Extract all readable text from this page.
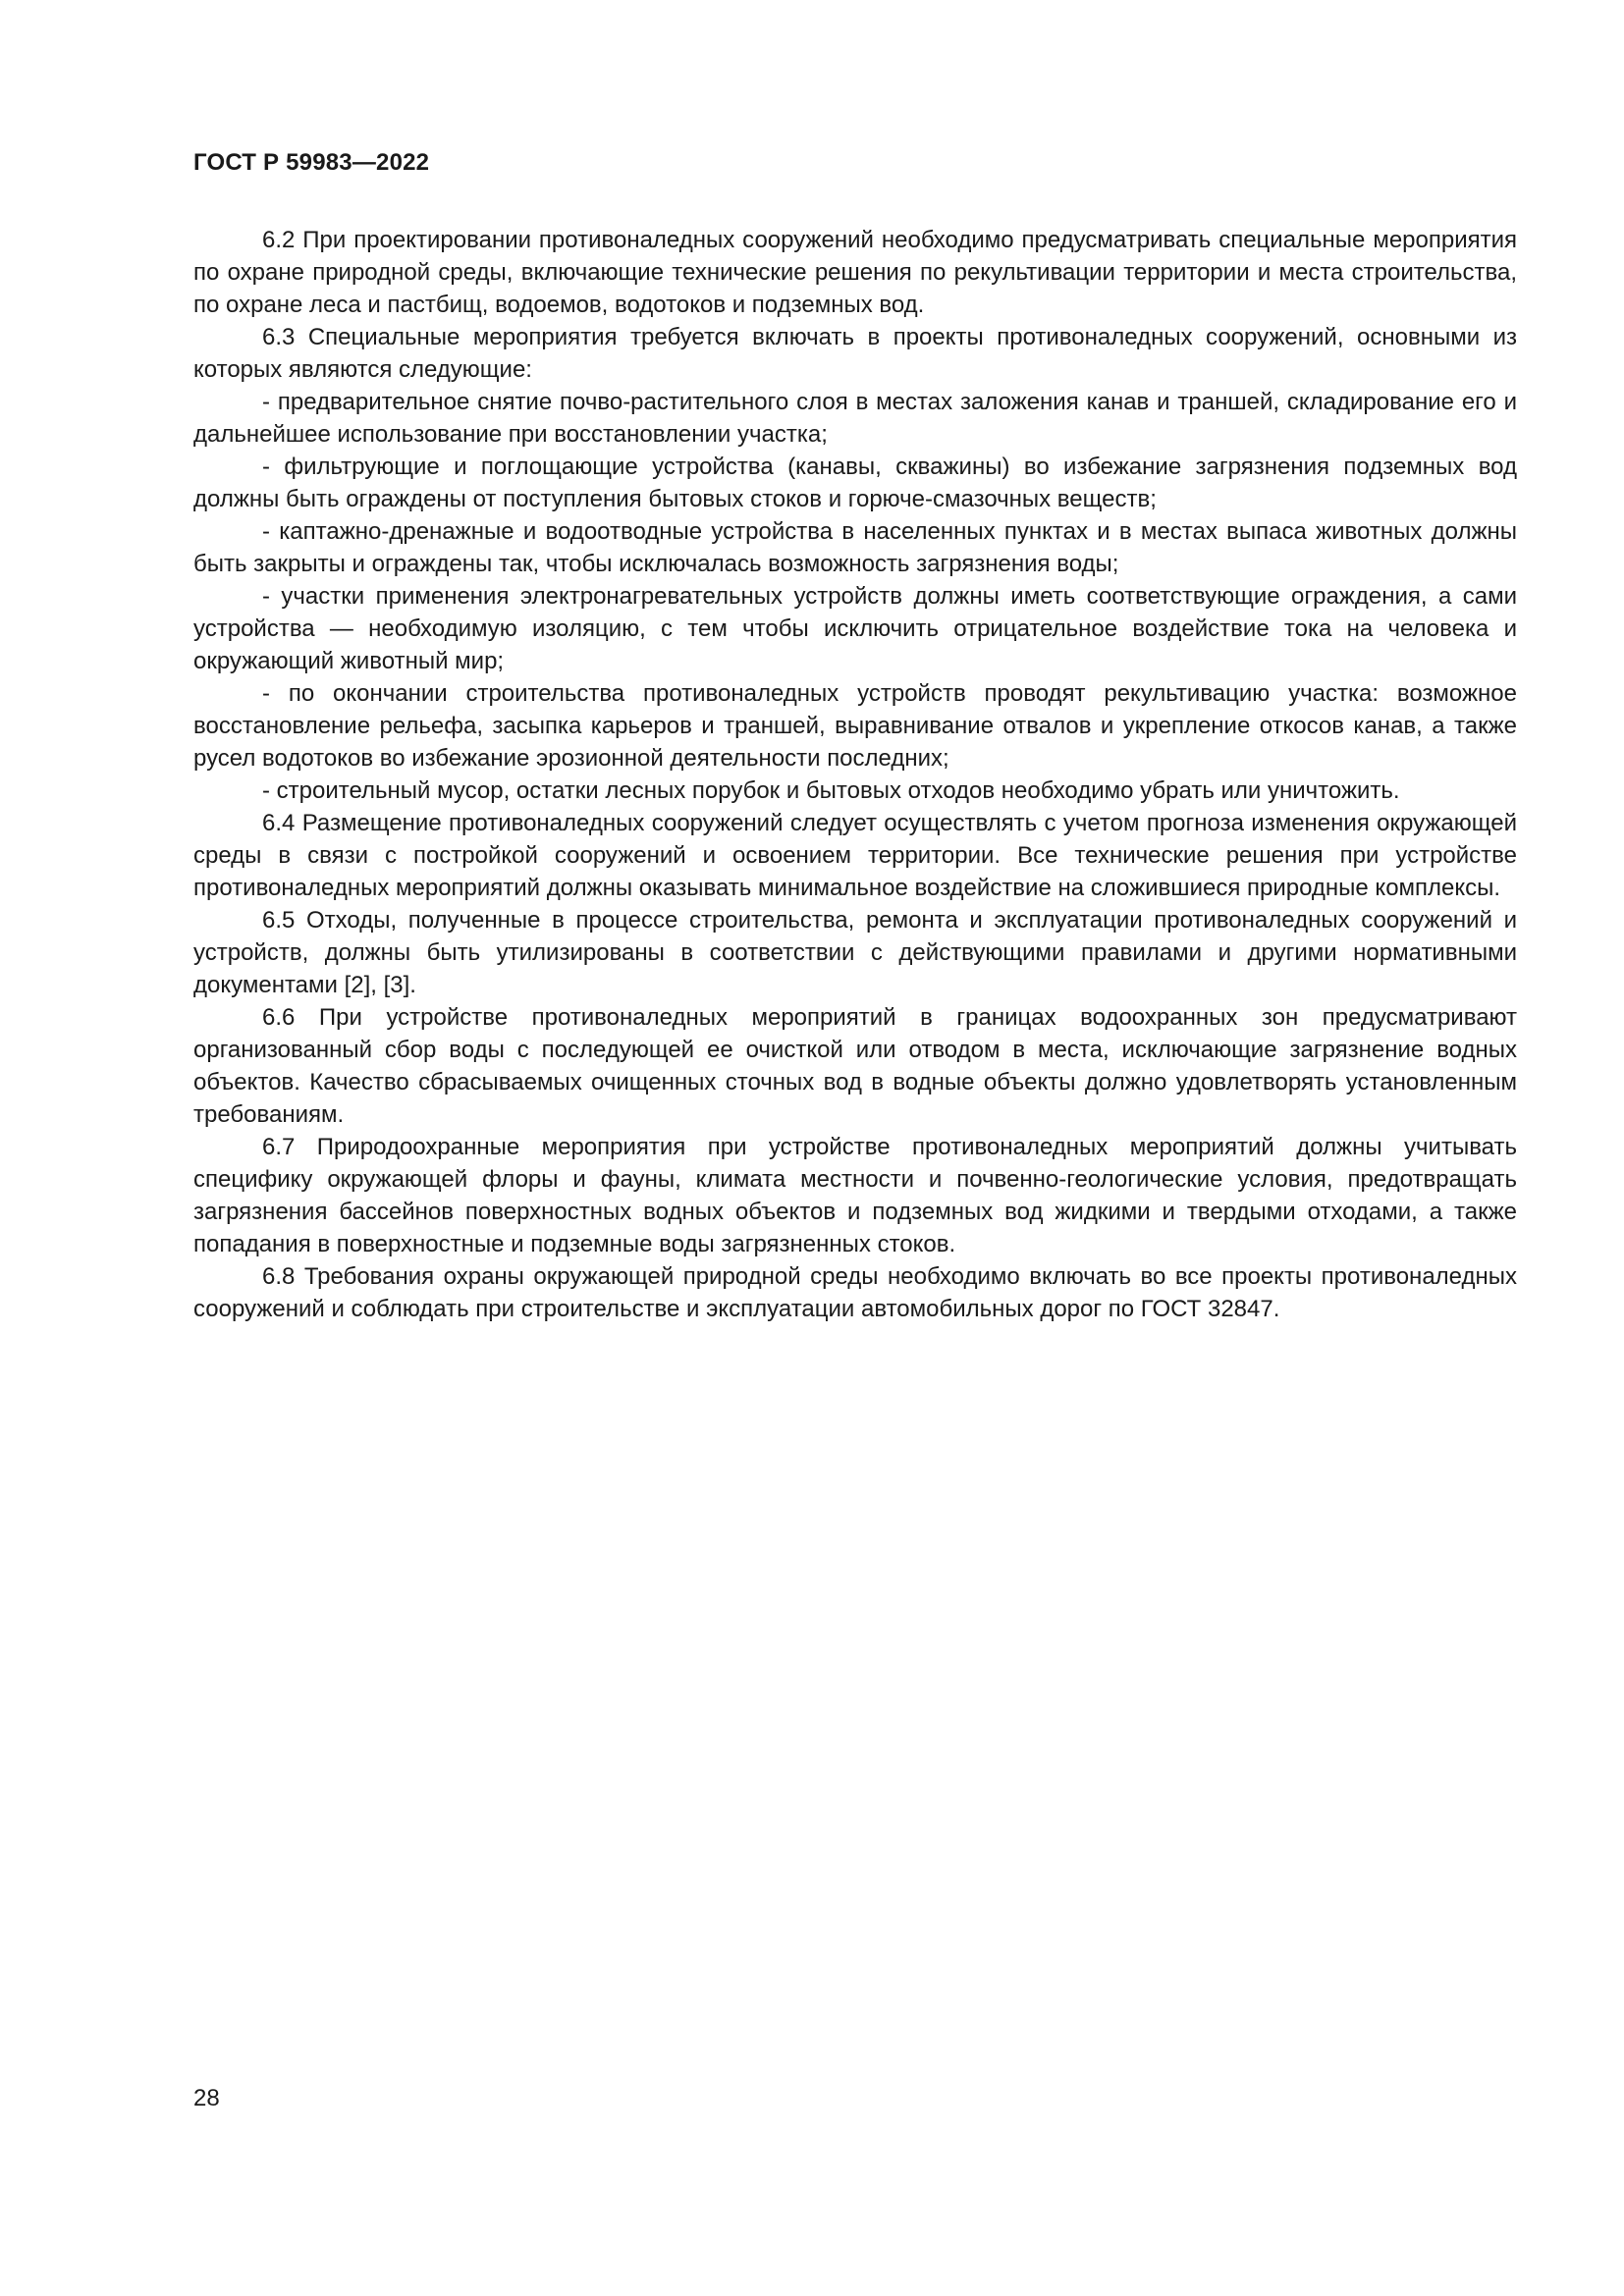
ГОСТ Р 59983—2022

6.2 При проектировании противоналедных сооружений необходимо предусматривать специальные мероприятия по охране природной среды, включающие технические решения по рекультивации территории и места строительства, по охране леса и пастбищ, водоемов, водотоков и подземных вод.

6.3 Специальные мероприятия требуется включать в проекты противоналедных сооружений, основными из которых являются следующие:

- предварительное снятие почво-растительного слоя в местах заложения канав и траншей, складирование его и дальнейшее использование при восстановлении участка;

- фильтрующие и поглощающие устройства (канавы, скважины) во избежание загрязнения подземных вод должны быть ограждены от поступления бытовых стоков и горюче-смазочных веществ;

- каптажно-дренажные и водоотводные устройства в населенных пунктах и в местах выпаса животных должны быть закрыты и ограждены так, чтобы исключалась возможность загрязнения воды;

- участки применения электронагревательных устройств должны иметь соответствующие ограждения, а сами устройства — необходимую изоляцию, с тем чтобы исключить отрицательное воздействие тока на человека и окружающий животный мир;

- по окончании строительства противоналедных устройств проводят рекультивацию участка: возможное восстановление рельефа, засыпка карьеров и траншей, выравнивание отвалов и укрепление откосов канав, а также русел водотоков во избежание эрозионной деятельности последних;

- строительный мусор, остатки лесных порубок и бытовых отходов необходимо убрать или уничтожить.

6.4 Размещение противоналедных сооружений следует осуществлять с учетом прогноза изменения окружающей среды в связи с постройкой сооружений и освоением территории. Все технические решения при устройстве противоналедных мероприятий должны оказывать минимальное воздействие на сложившиеся природные комплексы.

6.5 Отходы, полученные в процессе строительства, ремонта и эксплуатации противоналедных сооружений и устройств, должны быть утилизированы в соответствии с действующими правилами и другими нормативными документами [2], [3].

6.6 При устройстве противоналедных мероприятий в границах водоохранных зон предусматривают организованный сбор воды с последующей ее очисткой или отводом в места, исключающие загрязнение водных объектов. Качество сбрасываемых очищенных сточных вод в водные объекты должно удовлетворять установленным требованиям.

6.7 Природоохранные мероприятия при устройстве противоналедных мероприятий должны учитывать специфику окружающей флоры и фауны, климата местности и почвенно-геологические условия, предотвращать загрязнения бассейнов поверхностных водных объектов и подземных вод жидкими и твердыми отходами, а также попадания в поверхностные и подземные воды загрязненных стоков.

6.8 Требования охраны окружающей природной среды необходимо включать во все проекты противоналедных сооружений и соблюдать при строительстве и эксплуатации автомобильных дорог по ГОСТ 32847.

28
